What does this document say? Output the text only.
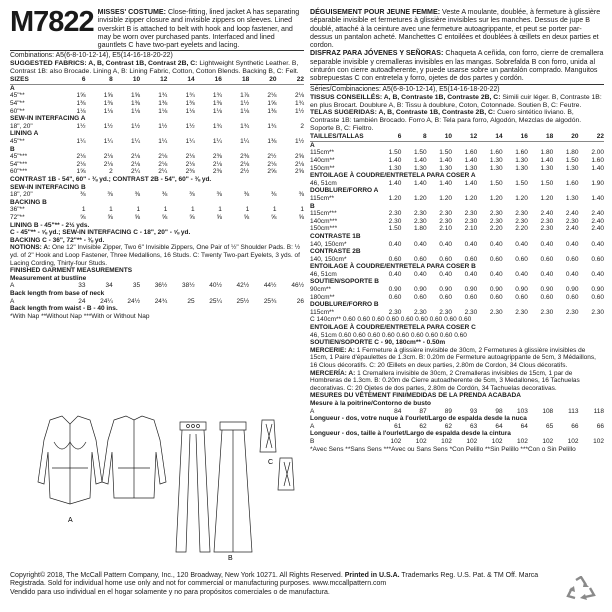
M7822 MISSES' COSTUME: Close-fitting, lined jacket A has separating invisible zipper closure and invisible zippers on sleeves. Lined overskirt B is attached to belt with hook and loop fastener, and may be worn over purchased pants. Interfaced and lined gauntlets C have two-part eyelets and lacing.
Combinations: A5(6-8-10-12-14), E5(14-16-18-20-22)
SUGGESTED FABRICS: A, B, Contrast 1B, Contrast 2B, C: Lightweight Synthetic Leather. B, Contrast 1B: also Brocade. Lining A, B: Lining Fabric, Cotton, Cotton Blends. Backing B, C: Felt.
SIZES	6	8	10	12	14	16	18	20	22
A									
45"**	1⅝	1⅝	1⅝	1¾	1¾	1¾	1⅞	2⅛	2⅛
54"**	1⅜	1⅜	1⅜	1⅜	1⅜	1⅜	1½	1⅝	1¾
60"**	1⅛	1⅛	1⅛	1⅛	1⅛	1⅛	1⅛	1⅜	1½
SEW-IN INTERFACING A									
18", 20"	1½	1½	1½	1½	1½	1¾	1¾	1¾	2
LINING A									
45"**	1¼	1¼	1¼	1¼	1¼	1¼	1¼	1⅜	1½
B									
45"***	2⅛	2⅛	2⅛	2⅛	2⅛	2⅜	2⅜	2½	2⅝
54"***	2⅛	2⅛	2⅛	2⅛	2⅛	2⅛	2⅛	2⅛	2⅛
60"***	1⅝	2	2¼	2¼	2⅜	2⅜	2½	2⅝	2⅝
CONTRAST 1B - 54", 60" - ⅜ yd.; CONTRAST 2B - 54", 60" - ⅜ yd.									
SEW-IN INTERFACING B									
18", 20"	⅜	⅜	⅜	⅜	⅜	⅜	⅜	⅜	⅜
BACKING B									
36"**	1	1	1	1	1	1	1	1	1
72"**	⅝	⅝	⅝	⅝	⅝	⅝	⅝	⅝	⅝
LINING B - 45"** - 2½ yds.									
C - 45"** - ⅝ yd.; SEW-IN INTERFACING C - 18", 20" - ⅝ yd.									
BACKING C - 36", 72"** - ⅜ yd.									
NOTIONS: A: One 12" Invisible Zipper, Two 6" Invisible Zippers, One Pair of ½" Shoulder Pads. B: ½ yd. of 2" Hook and Loop Fastener, Three Medallions, 16 Studs. C: Twenty Two-part Eyelets, 3 yds. of Lacing Cording, Thirty-four Studs.									
FINISHED GARMENT MEASUREMENTS									
Measurement at bustline									
A	33	34	35	36½	38½	40½	42½	44½	46½
Back length from base of neck									
A	24	24¼	24½	24¾	25	25¼	25½	25¾	26
Back length from waist - B - 40 ins.									
*With Nap **Without Nap ***With or Without Nap									
DÉGUISEMENT POUR JEUNE FEMME: Veste A moulante, doublée, à fermeture à glissière séparable invisible et fermetures à glissière invisibles sur les manches. Dessus de jupe B doublé, attaché à la ceinture avec une fermeture autoagrippante, et peut se porter par-dessus un pantalon acheté. Manchettes C entoilées et doublées à œillets en deux parties et cordon.
DISFRAZ PARA JÓVENES Y SEÑORAS: Chaqueta A ceñida, con forro, cierre de cremallera separable invisible y cremalleras invisibles en las mangas. Sobrefalda B con forro, unida al cinturón con cierre autoadherente, y puede usarse sobre un pantalón comprado. Manguitos sobrepuestas C con entretela y forro, ojetes de dos partes y cordón.
Séries/Combinaciones: A5(6-8-10-12-14), E5(14-16-18-20-22)
TISSUS CONSEILLÉS: A, B, Contraste 1B, Contraste 2B, C: Simili cuir léger. B, Contraste 1B: en plus Brocart. Doublure A, B: Tissu à doublure, Coton, Cotonnade. Soutien B, C: Feutre.
TELAS SUGERIDAS: A, B, Contraste 1B, Contraste 2B, C: Cuero sintético liviano. B, Contraste 1B: también Brocado. Forro A, B: Tela para forro, Algodón, Mezclas de algodón. Soporte B, C: Fieltro.
TAILLES/TALLAS	6	8	10	12	14	16	18	20	22
A									
115cm**	1.50	1.50	1.50	1.60	1.60	1.60	1.80	1.80	2.00
140cm**	1.40	1.40	1.40	1.40	1.30	1.30	1.40	1.50	1.60
150cm**	1.30	1.30	1.30	1.30	1.30	1.30	1.30	1.30	1.40
ENTOILAGE À COUDRE/ENTRETELA PARA COSER A									
46, 51cm	1.40	1.40	1.40	1.40	1.50	1.50	1.50	1.60	1.90
DOUBLURE/FORRO A									
115cm**	1.20	1.20	1.20	1.20	1.20	1.20	1.20	1.30	1.40
B									
115cm***	2.30	2.30	2.30	2.30	2.30	2.30	2.40	2.40	2.40
140cm***	2.30	2.30	2.30	2.30	2.30	2.30	2.30	2.30	2.40
150cm***	1.50	1.80	2.10	2.10	2.20	2.20	2.30	2.40	2.40
CONTRASTE 1B									
140, 150cm*	0.40	0.40	0.40	0.40	0.40	0.40	0.40	0.40	0.40
CONTRASTE 2B									
140, 150cm*	0.60	0.60	0.60	0.60	0.60	0.60	0.60	0.60	0.60
ENTOILAGE À COUDRE/ENTRETELA PARA COSER B									
46, 51cm	0.40	0.40	0.40	0.40	0.40	0.40	0.40	0.40	0.40
SOUTIEN/SOPORTE B									
90cm**	0.90	0.90	0.90	0.90	0.90	0.90	0.90	0.90	0.90
180cm**	0.60	0.60	0.60	0.60	0.60	0.60	0.60	0.60	0.60
DOUBLURE/FORRO B									
115cm**	2.30	2.30	2.30	2.30	2.30	2.30	2.30	2.30	2.30
C 140cm** 0.60 0.60 0.60 0.60 0.60 0.60 0.60 0.60 0.60									
ENTOILAGE À COUDRE/ENTRETELA PARA COSER C									
46, 51cm 0.60 0.60 0.60 0.60 0.60 0.60 0.60 0.60 0.60									
SOUTIEN/SOPORTE C - 90, 180cm** - 0.50m									
MERCERIE: A: 1 Fermeture à glissière invisible de 30cm, 2 Fermetures à glissière invisibles de 15cm, 1 Paire d'épaulettes de 1.3cm. B: 0.20m de Fermeture autoagrippante de 5cm, 3 Médaillons, 16 Clous décoratifs. C: 20 Œillets en deux parties, 2.80m de Cordon, 34 Clous décoratifs.									
MERCERÍA: A: 1 Cremallera invisible de 30cm, 2 Cremalleras invisibles de 15cm, 1 par de Hombreras de 1.3cm. B: 0.20m de Cierre autoadherente de 5cm, 3 Medallones, 16 Tachuelas decorativas. C: 20 Ojetes de dos partes, 2.80m de Cordón, 34 Tachuelas decorativas.									
MESURES DU VÊTEMENT FINI/MEDIDAS DE LA PRENDA ACABADA									
Mesure à la poitrine/Contorno de busto									
A	84	87	89	93	98	103	108	113	118
Longueur - dos, votre nuque à l'ourlet/Largo de espalda desde la nuca									
A	61	62	62	63	64	64	65	66	66
Longueur - dos, taille à l'ourlet/Largo de espalda desde la cintura									
B	102	102	102	102	102	102	102	102	102
*Avec Sens **Sans Sens ***Avec ou Sans Sens *Con Pelillo **Sin Pelillo ***Con o Sin Pelillo									
A
B
C
Copyright© 2018, The McCall Pattern Company, Inc., 120 Broadway, New York 10271. All Rights Reserved. Printed in U.S.A. Trademarks Reg. U.S. Pat. & TM Off. Marca
Registrada. Sold for individual home use only and not for commercial or manufacturing purposes. www.mccallpattern.com
Vendido para uso individual en el hogar solamente y no para propósitos comerciales o de manufactura.
